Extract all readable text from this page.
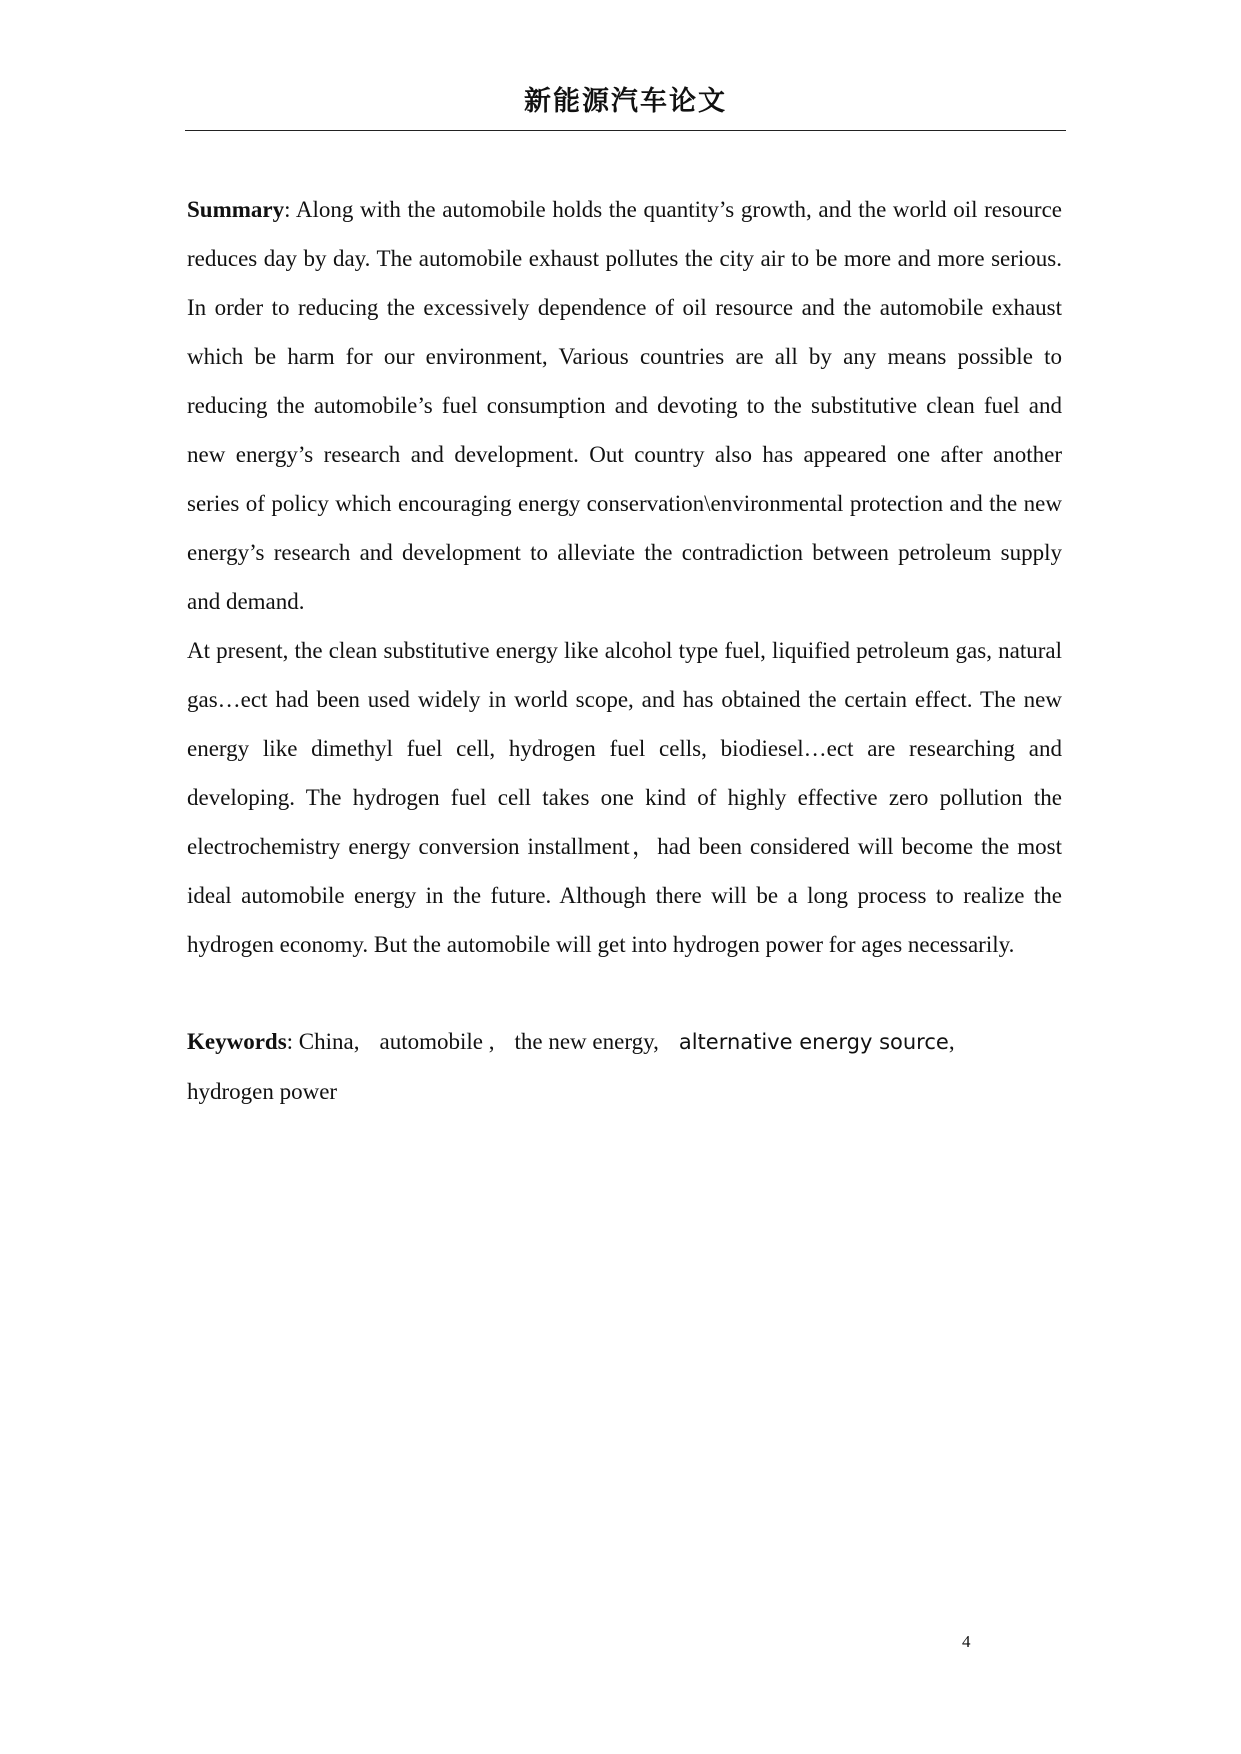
新能源汽车论文

Summary: Along with the automobile holds the quantity’s growth, and the world oil resource reduces day by day. The automobile exhaust pollutes the city air to be more and more serious. In order to reducing the excessively dependence of oil resource and the automobile exhaust which be harm for our environment, Various countries are all by any means possible to reducing the automobile’s fuel consumption and devoting to the substitutive clean fuel and new energy’s research and development. Out country also has appeared one after another series of policy which encouraging energy conservation\environmental protection and the new energy’s research and development to alleviate the contradiction between petroleum supply and demand.

At present, the clean substitutive energy like alcohol type fuel, liquified petroleum gas, natural gas…ect had been used widely in world scope, and has obtained the certain effect. The new energy like dimethyl fuel cell, hydrogen fuel cells, biodiesel…ect are researching and developing. The hydrogen fuel cell takes one kind of highly effective zero pollution the electrochemistry energy conversion installment，had been considered will become the most ideal automobile energy in the future. Although there will be a long process to realize the hydrogen economy. But the automobile will get into hydrogen power for ages necessarily.

Keywords: China, automobile , the new energy, alternative energy source,
hydrogen power

4
